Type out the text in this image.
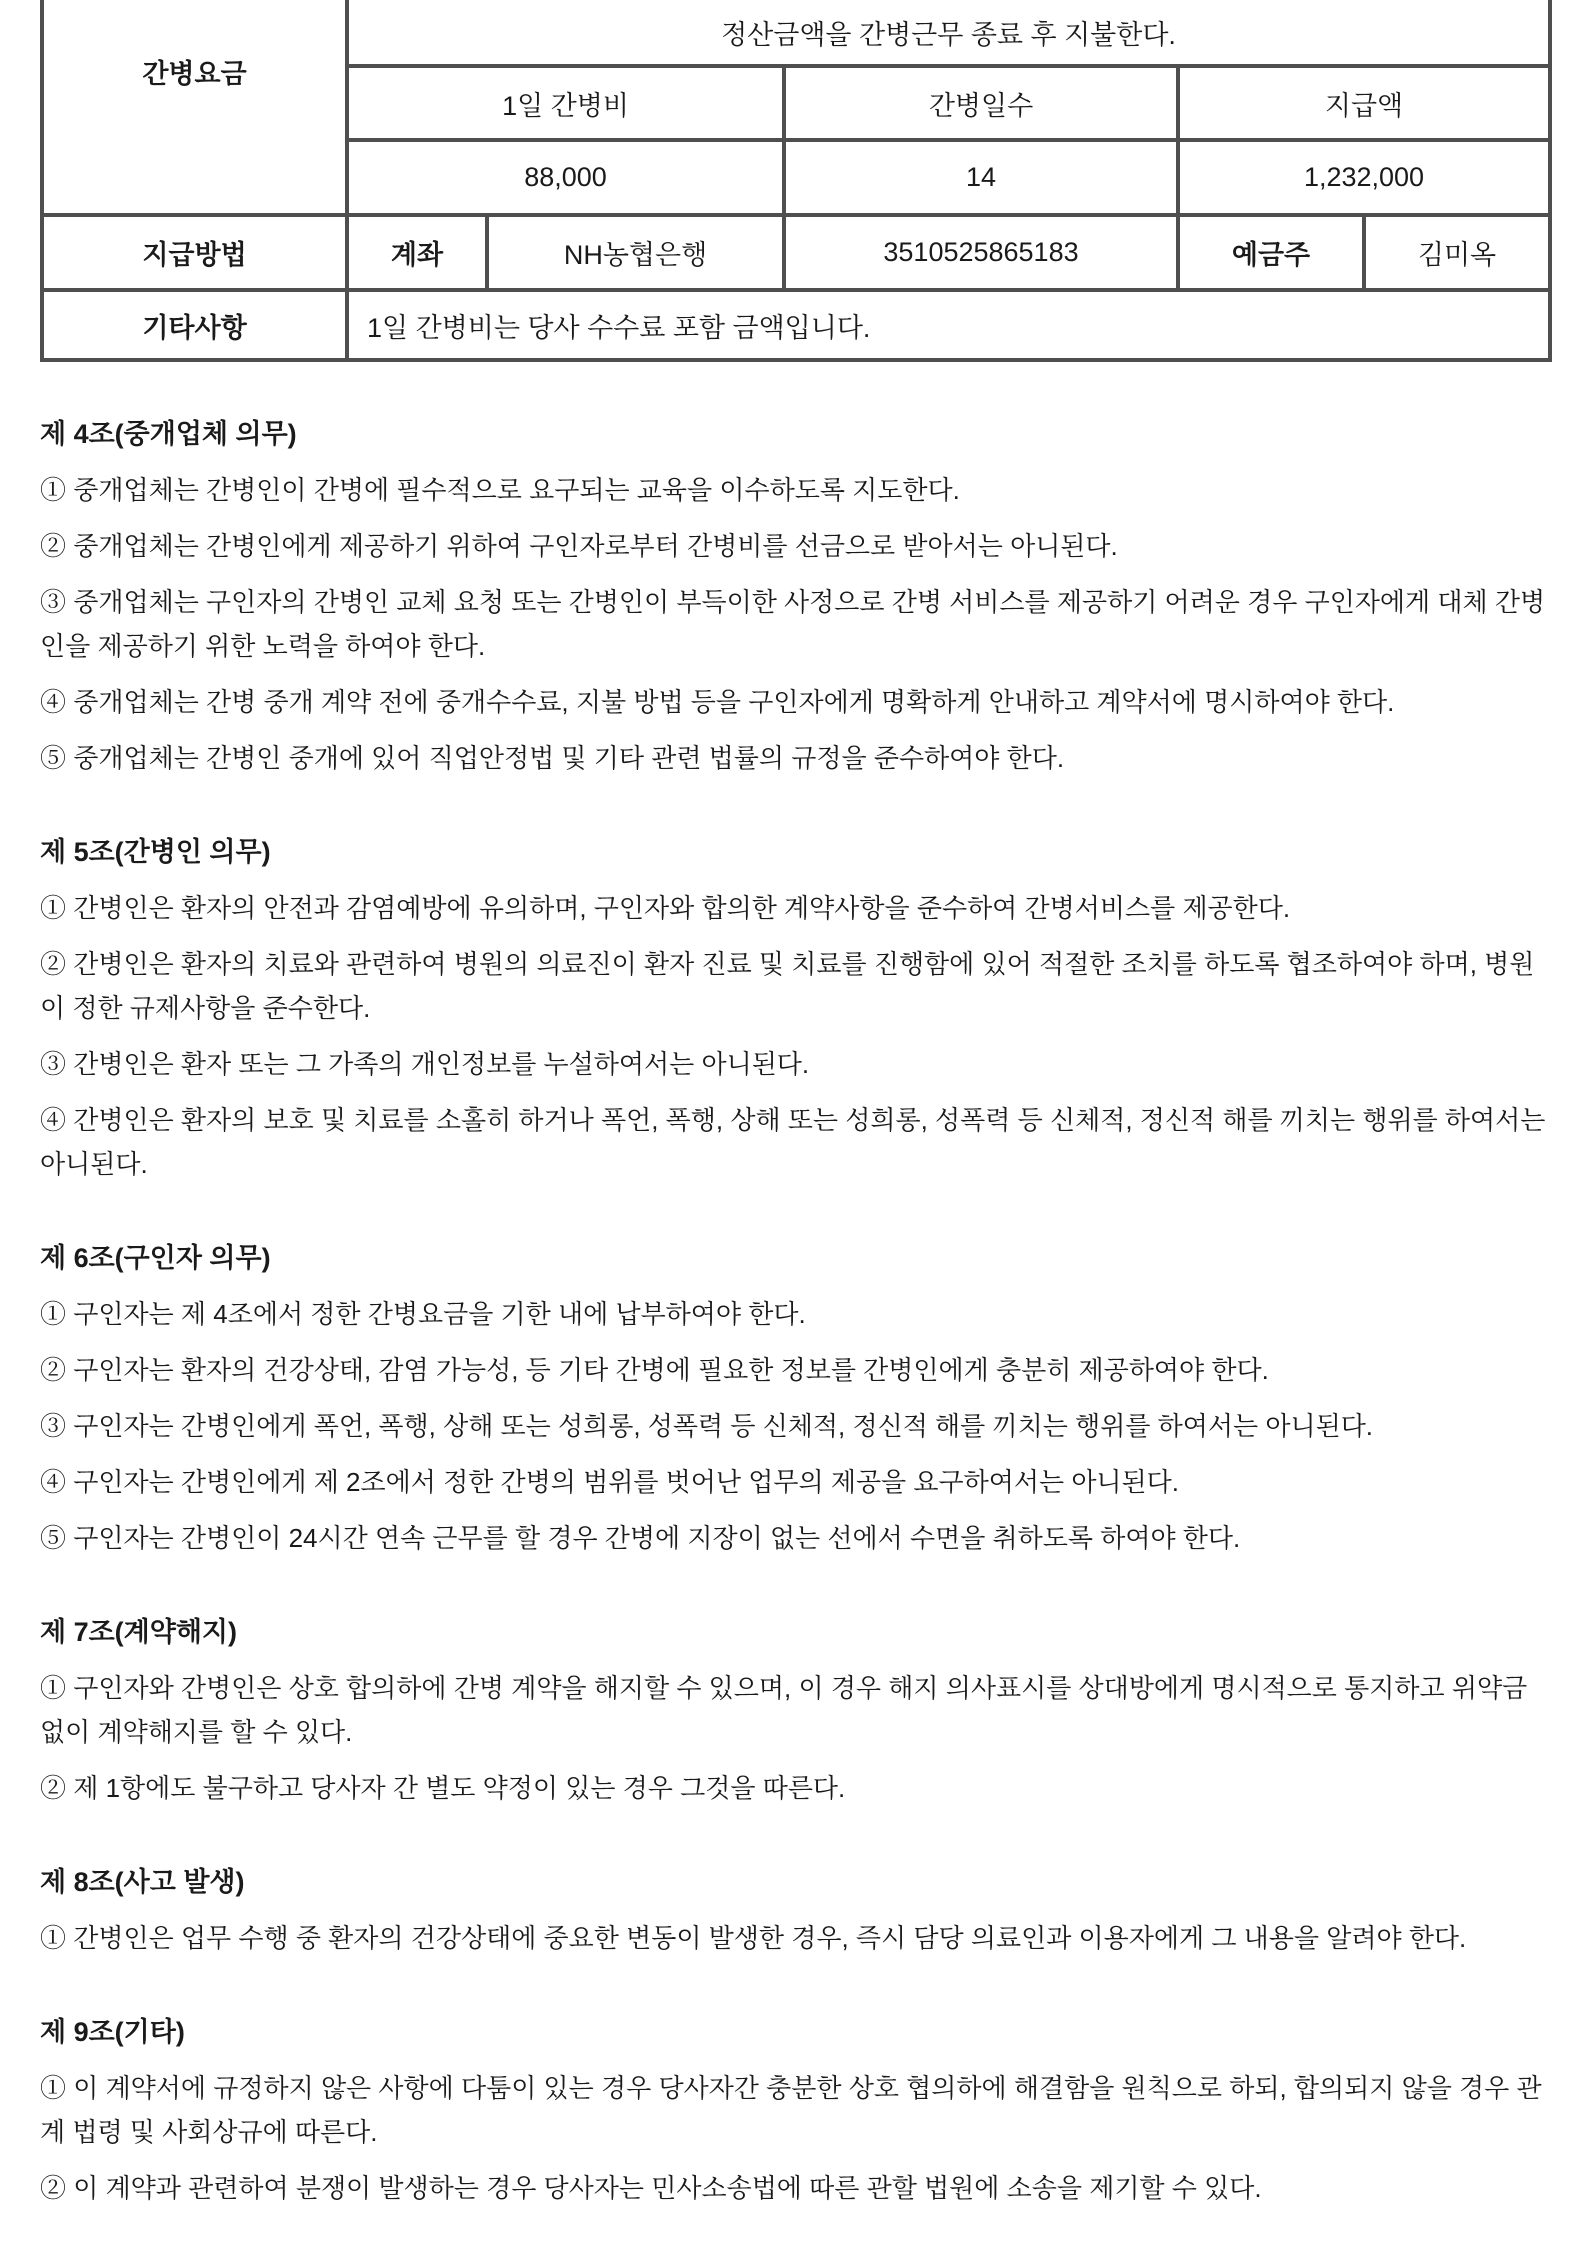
간병요금	정산금액을 간병근무 종료 후 지불한다.				
	1일 간병비		간병일수	지급액	
	88,000		14	1,232,000	
지급방법	계좌	NH농협은행	3510525865183	예금주	김미옥
기타사항	1일 간병비는 당사 수수료 포함 금액입니다.				
제 4조(중개업체 의무)

① 중개업체는 간병인이 간병에 필수적으로 요구되는 교육을 이수하도록 지도한다.

② 중개업체는 간병인에게 제공하기 위하여 구인자로부터 간병비를 선금으로 받아서는 아니된다.

③ 중개업체는 구인자의 간병인 교체 요청 또는 간병인이 부득이한 사정으로 간병 서비스를 제공하기 어려운 경우 구인자에게 대체 간병인을 제공하기 위한 노력을 하여야 한다.

④ 중개업체는 간병 중개 계약 전에 중개수수료, 지불 방법 등을 구인자에게 명확하게 안내하고 계약서에 명시하여야 한다.

⑤ 중개업체는 간병인 중개에 있어 직업안정법 및 기타 관련 법률의 규정을 준수하여야 한다.

제 5조(간병인 의무)

① 간병인은 환자의 안전과 감염예방에 유의하며, 구인자와 합의한 계약사항을 준수하여 간병서비스를 제공한다.

② 간병인은 환자의 치료와 관련하여 병원의 의료진이 환자 진료 및 치료를 진행함에 있어 적절한 조치를 하도록 협조하여야 하며, 병원이 정한 규제사항을 준수한다.

③ 간병인은 환자 또는 그 가족의 개인정보를 누설하여서는 아니된다.

④ 간병인은 환자의 보호 및 치료를 소홀히 하거나 폭언, 폭행, 상해 또는 성희롱, 성폭력 등 신체적, 정신적 해를 끼치는 행위를 하여서는 아니된다.

제 6조(구인자 의무)

① 구인자는 제 4조에서 정한 간병요금을 기한 내에 납부하여야 한다.

② 구인자는 환자의 건강상태, 감염 가능성, 등 기타 간병에 필요한 정보를 간병인에게 충분히 제공하여야 한다.

③ 구인자는 간병인에게 폭언, 폭행, 상해 또는 성희롱, 성폭력 등 신체적, 정신적 해를 끼치는 행위를 하여서는 아니된다.

④ 구인자는 간병인에게 제 2조에서 정한 간병의 범위를 벗어난 업무의 제공을 요구하여서는 아니된다.

⑤ 구인자는 간병인이 24시간 연속 근무를 할 경우 간병에 지장이 없는 선에서 수면을 취하도록 하여야 한다.

제 7조(계약해지)

① 구인자와 간병인은 상호 합의하에 간병 계약을 해지할 수 있으며, 이 경우 해지 의사표시를 상대방에게 명시적으로 통지하고 위약금 없이 계약해지를 할 수 있다.

② 제 1항에도 불구하고 당사자 간 별도 약정이 있는 경우 그것을 따른다.

제 8조(사고 발생)

① 간병인은 업무 수행 중 환자의 건강상태에 중요한 변동이 발생한 경우, 즉시 담당 의료인과 이용자에게 그 내용을 알려야 한다.

제 9조(기타)

① 이 계약서에 규정하지 않은 사항에 다툼이 있는 경우 당사자간 충분한 상호 협의하에 해결함을 원칙으로 하되, 합의되지 않을 경우 관계 법령 및 사회상규에 따른다.

② 이 계약과 관련하여 분쟁이 발생하는 경우 당사자는 민사소송법에 따른 관할 법원에 소송을 제기할 수 있다.
